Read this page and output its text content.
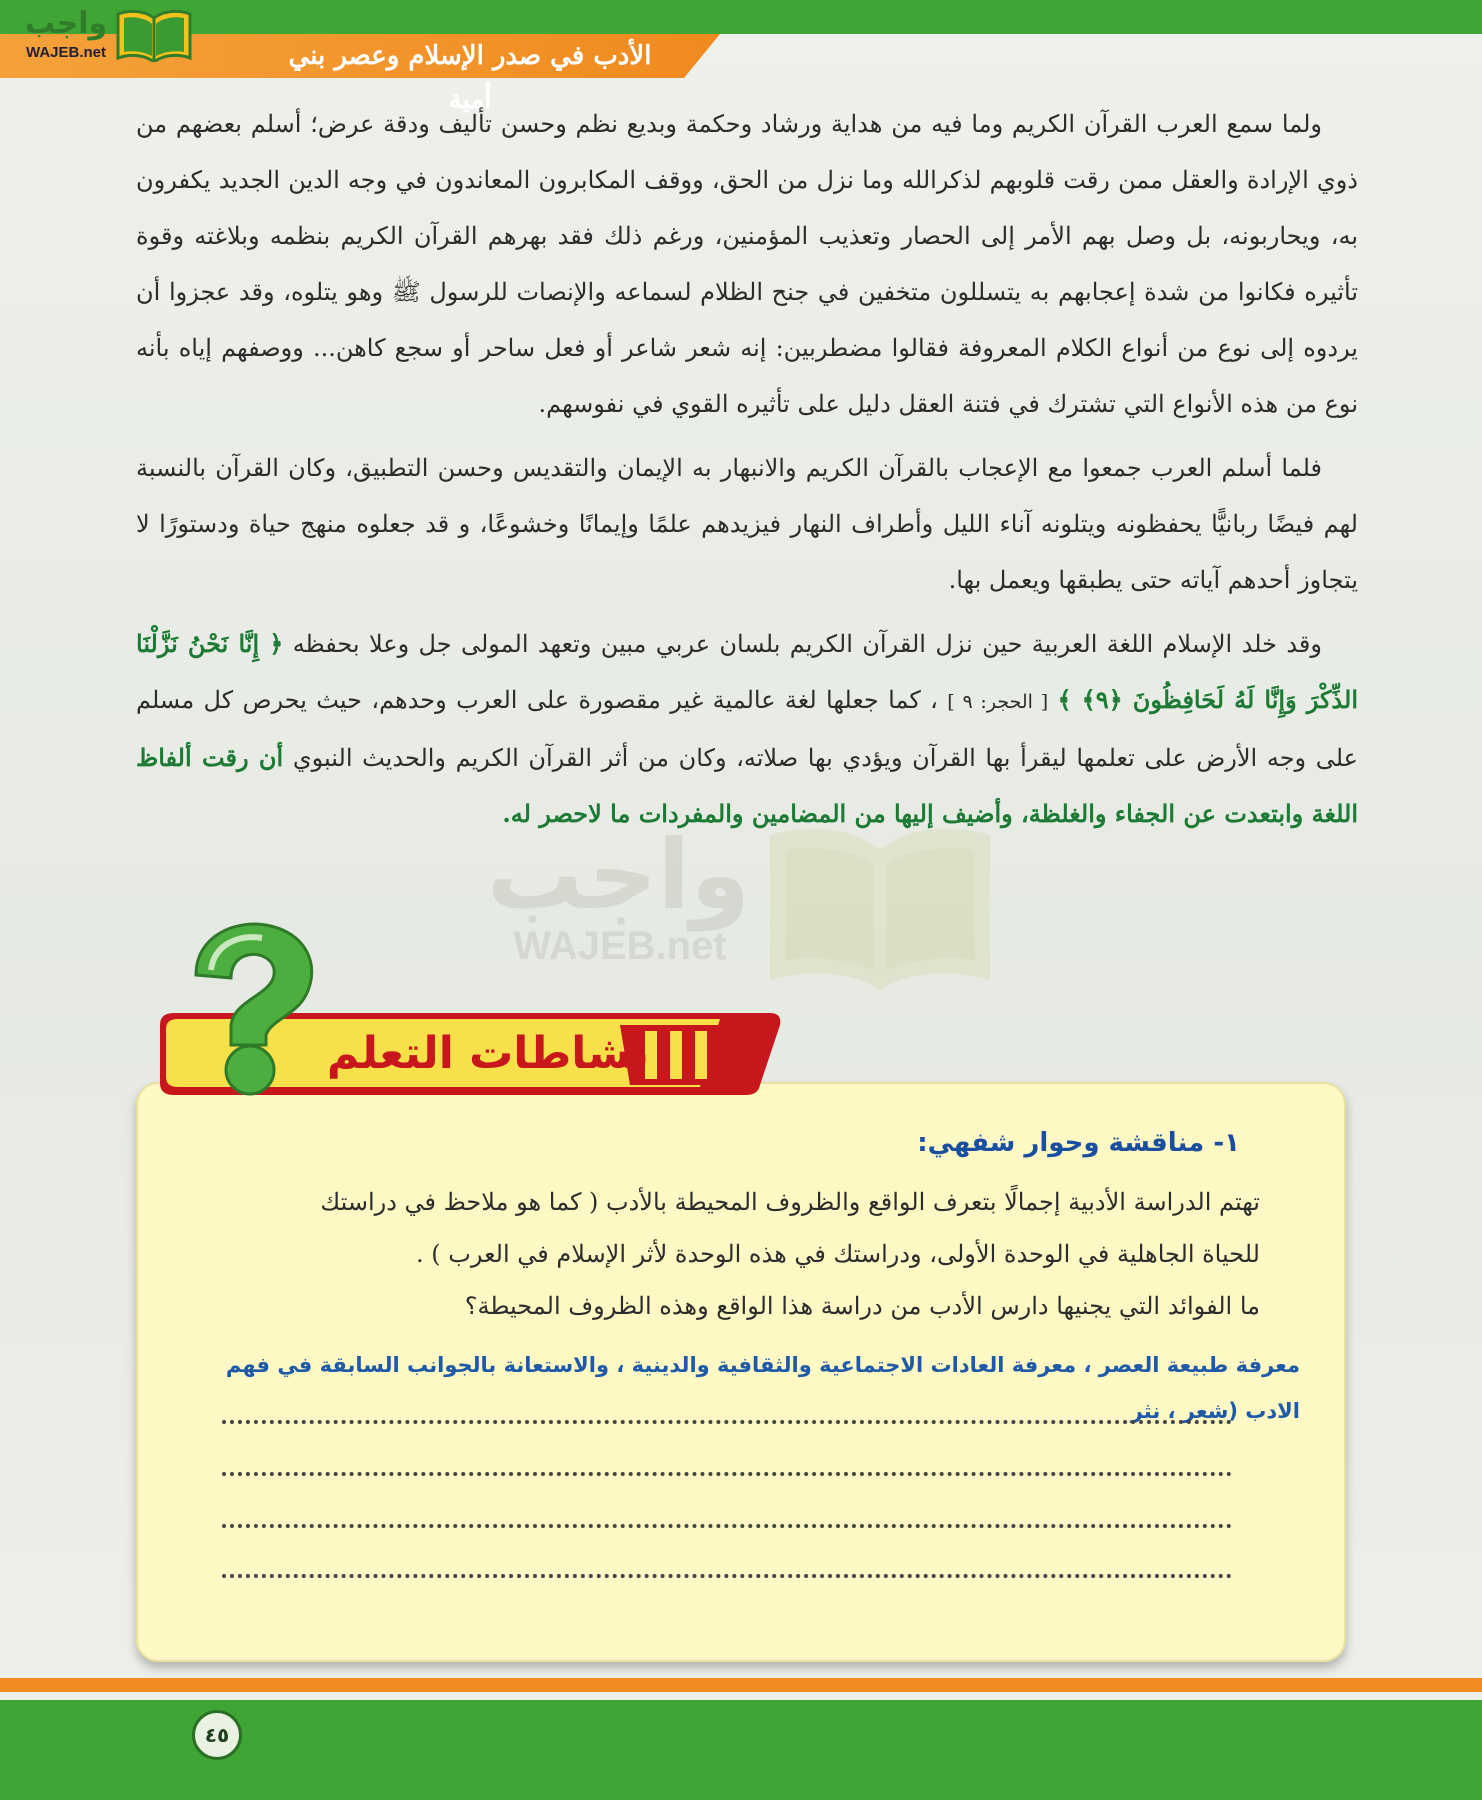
الأدب في صدر الإسلام وعصر بني أمية
واجب
WAJEB.net

ولما سمع العرب القرآن الكريم وما فيه من هداية ورشاد وحكمة وبديع نظم وحسن تأليف ودقة عرض؛ أسلم بعضهم من ذوي الإرادة والعقل ممن رقت قلوبهم لذكرالله وما نزل من الحق، ووقف المكابرون المعاندون في وجه الدين الجديد يكفرون به، ويحاربونه، بل وصل بهم الأمر إلى الحصار وتعذيب المؤمنين، ورغم ذلك فقد بهرهم القرآن الكريم بنظمه وبلاغته وقوة تأثيره فكانوا من شدة إعجابهم به يتسللون متخفين في جنح الظلام لسماعه والإنصات للرسول ﷺ وهو يتلوه، وقد عجزوا أن يردوه إلى نوع من أنواع الكلام المعروفة فقالوا مضطربين: إنه شعر شاعر أو فعل ساحر أو سجع كاهن... ووصفهم إياه بأنه نوع من هذه الأنواع التي تشترك في فتنة العقل دليل على تأثيره القوي في نفوسهم.

فلما أسلم العرب جمعوا مع الإعجاب بالقرآن الكريم والانبهار به الإيمان والتقديس وحسن التطبيق، وكان القرآن بالنسبة لهم فيضًا ربانيًّا يحفظونه ويتلونه آناء الليل وأطراف النهار فيزيدهم علمًا وإيمانًا وخشوعًا، و قد جعلوه منهج حياة ودستورًا لا يتجاوز أحدهم آياته حتى يطبقها ويعمل بها.

وقد خلد الإسلام اللغة العربية حين نزل القرآن الكريم بلسان عربي مبين وتعهد المولى جل وعلا بحفظه ﴿ إِنَّا نَحْنُ نَزَّلْنَا الذِّكْرَ وَإِنَّا لَهُ لَحَافِظُونَ ﴿٩﴾ ﴾ [ الحجر: ٩ ] ، كما جعلها لغة عالمية غير مقصورة على العرب وحدهم، حيث يحرص كل مسلم على وجه الأرض على تعلمها ليقرأ بها القرآن ويؤدي بها صلاته، وكان من أثر القرآن الكريم والحديث النبوي أن رقت ألفاظ اللغة وابتعدت عن الجفاء والغلظة، وأضيف إليها من المضامين والمفردات ما لاحصر له.

واجب
WAJEB.net
نشاطات التعلم
١- مناقشة وحوار شفهي:

تهتم الدراسة الأدبية إجمالًا بتعرف الواقع والظروف المحيطة بالأدب ( كما هو ملاحظ في دراستك

للحياة الجاهلية في الوحدة الأولى، ودراستك في هذه الوحدة لأثر الإسلام في العرب ) .

ما الفوائد التي يجنيها دارس الأدب من دراسة هذا الواقع وهذه الظروف المحيطة؟

معرفة طبيعة العصر ، معرفة العادات الاجتماعية والثقافية والدينية ، والاستعانة بالجوانب السابقة في فهم
الادب (شعر ، نثر
٤٥
